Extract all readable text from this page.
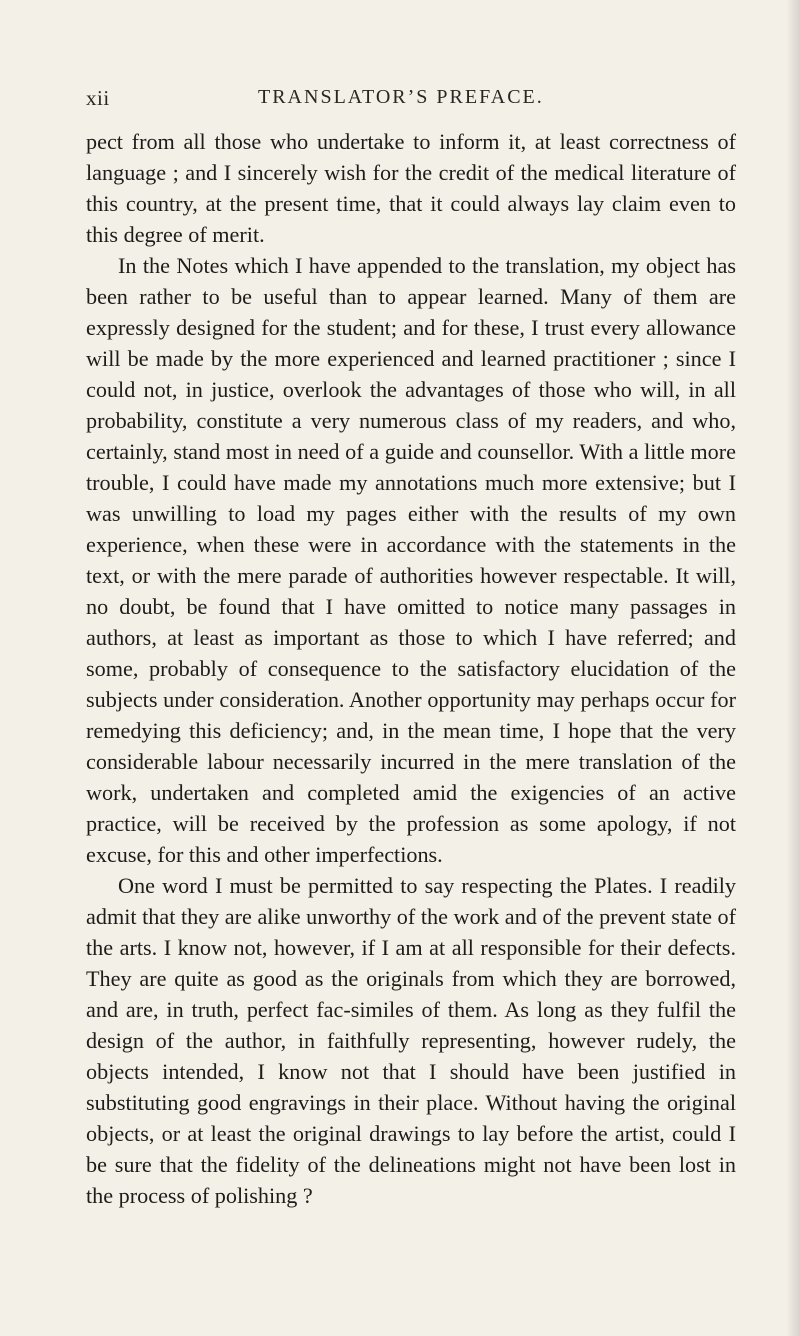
xii	TRANSLATOR’S PREFACE.

pect from all those who undertake to inform it, at least correctness of language ; and I sincerely wish for the credit of the medical literature of this country, at the present time, that it could always lay claim even to this degree of merit.

In the Notes which I have appended to the translation, my object has been rather to be useful than to appear learned. Many of them are expressly designed for the student; and for these, I trust every allowance will be made by the more experienced and learned practitioner ; since I could not, in justice, overlook the advantages of those who will, in all probability, constitute a very numerous class of my readers, and who, certainly, stand most in need of a guide and counsellor. With a little more trouble, I could have made my annotations much more extensive; but I was unwilling to load my pages either with the results of my own experience, when these were in accordance with the statements in the text, or with the mere parade of authorities however respectable. It will, no doubt, be found that I have omitted to notice many passages in authors, at least as important as those to which I have referred; and some, probably of consequence to the satisfactory elucidation of the subjects under consideration. Another opportunity may perhaps occur for remedying this deficiency; and, in the mean time, I hope that the very considerable labour necessarily incurred in the mere translation of the work, undertaken and completed amid the exigencies of an active practice, will be received by the profession as some apology, if not excuse, for this and other imperfections.

One word I must be permitted to say respecting the Plates. I readily admit that they are alike unworthy of the work and of the prevent state of the arts. I know not, however, if I am at all responsible for their defects. They are quite as good as the originals from which they are borrowed, and are, in truth, perfect fac-similes of them. As long as they fulfil the design of the author, in faithfully representing, however rudely, the objects intended, I know not that I should have been justified in substituting good engravings in their place. Without having the original objects, or at least the original drawings to lay before the artist, could I be sure that the fidelity of the delineations might not have been lost in the process of polishing ?
